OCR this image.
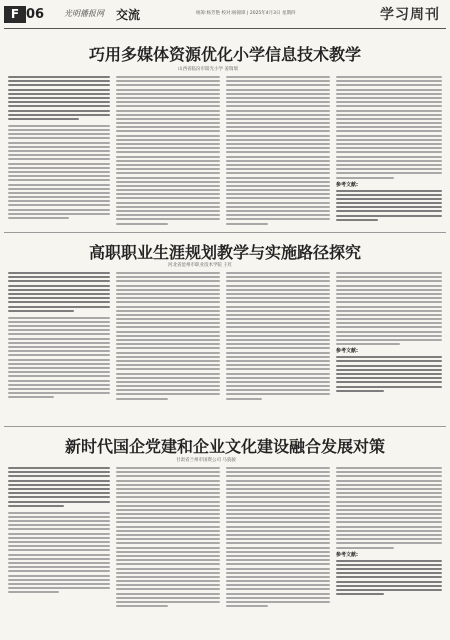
F 06 光明播报网 交流	统筹:杨芳艳 校对:杨锦锋 | 2025年4月3日 星期四	学习周刊
巧用多媒体资源优化小学信息技术教学
山西省临汾市阳光小学 姜瑞瑞
参考文献:
高职职业生涯规划教学与实施路径探究
河北省沧州市职业技术学院 王红
参考文献:
新时代国企党建和企业文化建设融合发展对策
甘肃省兰州市国资公司 马骁骏
参考文献:
